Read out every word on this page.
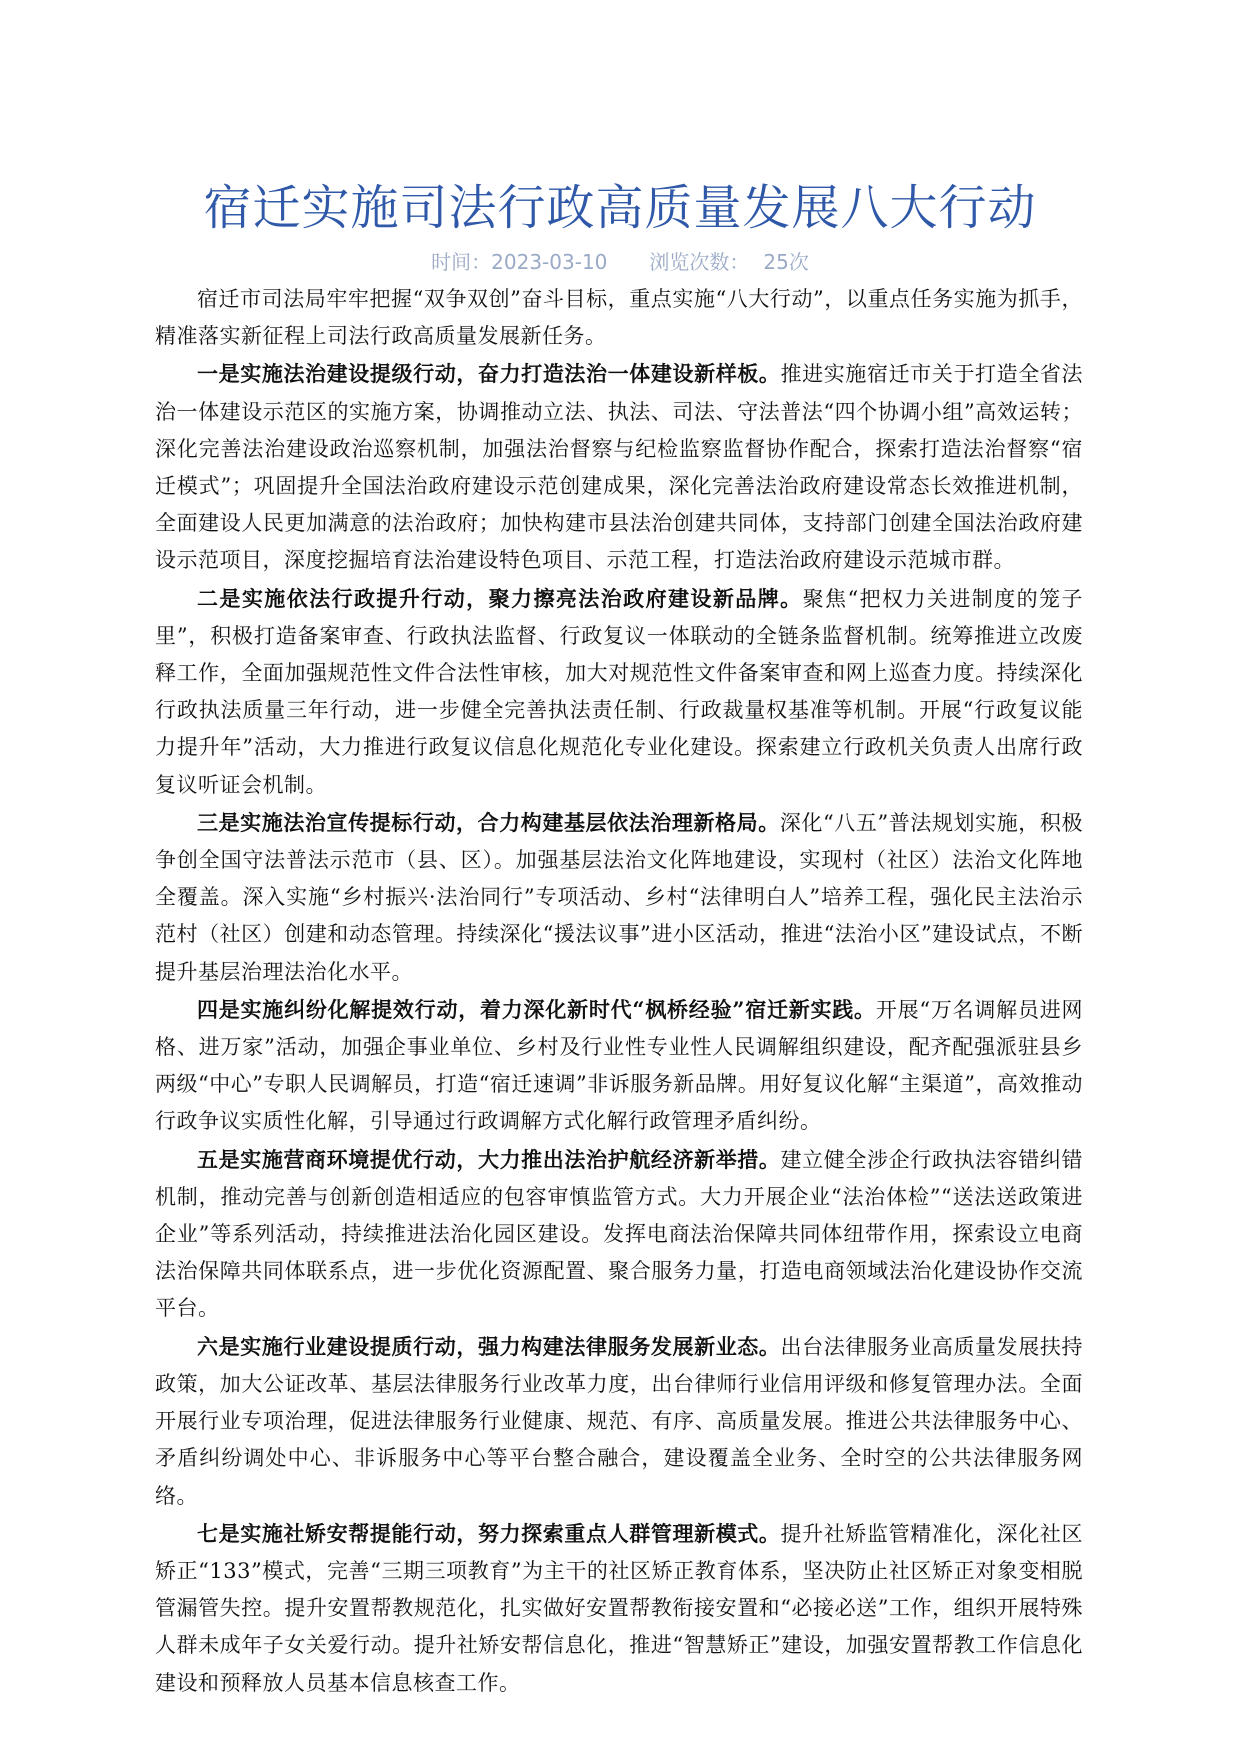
宿迁实施司法行政高质量发展八大行动
时间：2023-03-10 浏览次数： 25次

宿迁市司法局牢牢把握“双争双创”奋斗目标，重点实施“八大行动”，以重点任务实施为抓手，精准落实新征程上司法行政高质量发展新任务。

一是实施法治建设提级行动，奋力打造法治一体建设新样板。推进实施宿迁市关于打造全省法治一体建设示范区的实施方案，协调推动立法、执法、司法、守法普法“四个协调小组”高效运转；深化完善法治建设政治巡察机制，加强法治督察与纪检监察监督协作配合，探索打造法治督察“宿迁模式”；巩固提升全国法治政府建设示范创建成果，深化完善法治政府建设常态长效推进机制，全面建设人民更加满意的法治政府；加快构建市县法治创建共同体，支持部门创建全国法治政府建设示范项目，深度挖掘培育法治建设特色项目、示范工程，打造法治政府建设示范城市群。

二是实施依法行政提升行动，聚力擦亮法治政府建设新品牌。聚焦“把权力关进制度的笼子里”，积极打造备案审查、行政执法监督、行政复议一体联动的全链条监督机制。统筹推进立改废释工作，全面加强规范性文件合法性审核，加大对规范性文件备案审查和网上巡查力度。持续深化行政执法质量三年行动，进一步健全完善执法责任制、行政裁量权基准等机制。开展“行政复议能力提升年”活动，大力推进行政复议信息化规范化专业化建设。探索建立行政机关负责人出席行政复议听证会机制。

三是实施法治宣传提标行动，合力构建基层依法治理新格局。深化“八五”普法规划实施，积极争创全国守法普法示范市（县、区）。加强基层法治文化阵地建设，实现村（社区）法治文化阵地全覆盖。深入实施“乡村振兴·法治同行”专项活动、乡村“法律明白人”培养工程，强化民主法治示范村（社区）创建和动态管理。持续深化“援法议事”进小区活动，推进“法治小区”建设试点，不断提升基层治理法治化水平。

四是实施纠纷化解提效行动，着力深化新时代“枫桥经验”宿迁新实践。开展“万名调解员进网格、进万家”活动，加强企事业单位、乡村及行业性专业性人民调解组织建设，配齐配强派驻县乡两级“中心”专职人民调解员，打造“宿迁速调”非诉服务新品牌。用好复议化解“主渠道”，高效推动行政争议实质性化解，引导通过行政调解方式化解行政管理矛盾纠纷。

五是实施营商环境提优行动，大力推出法治护航经济新举措。建立健全涉企行政执法容错纠错机制，推动完善与创新创造相适应的包容审慎监管方式。大力开展企业“法治体检”“送法送政策进企业”等系列活动，持续推进法治化园区建设。发挥电商法治保障共同体纽带作用，探索设立电商法治保障共同体联系点，进一步优化资源配置、聚合服务力量，打造电商领域法治化建设协作交流平台。

六是实施行业建设提质行动，强力构建法律服务发展新业态。出台法律服务业高质量发展扶持政策，加大公证改革、基层法律服务行业改革力度，出台律师行业信用评级和修复管理办法。全面开展行业专项治理，促进法律服务行业健康、规范、有序、高质量发展。推进公共法律服务中心、矛盾纠纷调处中心、非诉服务中心等平台整合融合，建设覆盖全业务、全时空的公共法律服务网络。

七是实施社矫安帮提能行动，努力探索重点人群管理新模式。提升社矫监管精准化，深化社区矫正“133”模式，完善“三期三项教育”为主干的社区矫正教育体系，坚决防止社区矫正对象变相脱管漏管失控。提升安置帮教规范化，扎实做好安置帮教衔接安置和“必接必送”工作，组织开展特殊人群未成年子女关爱行动。提升社矫安帮信息化，推进“智慧矫正”建设，加强安置帮教工作信息化建设和预释放人员基本信息核查工作。
